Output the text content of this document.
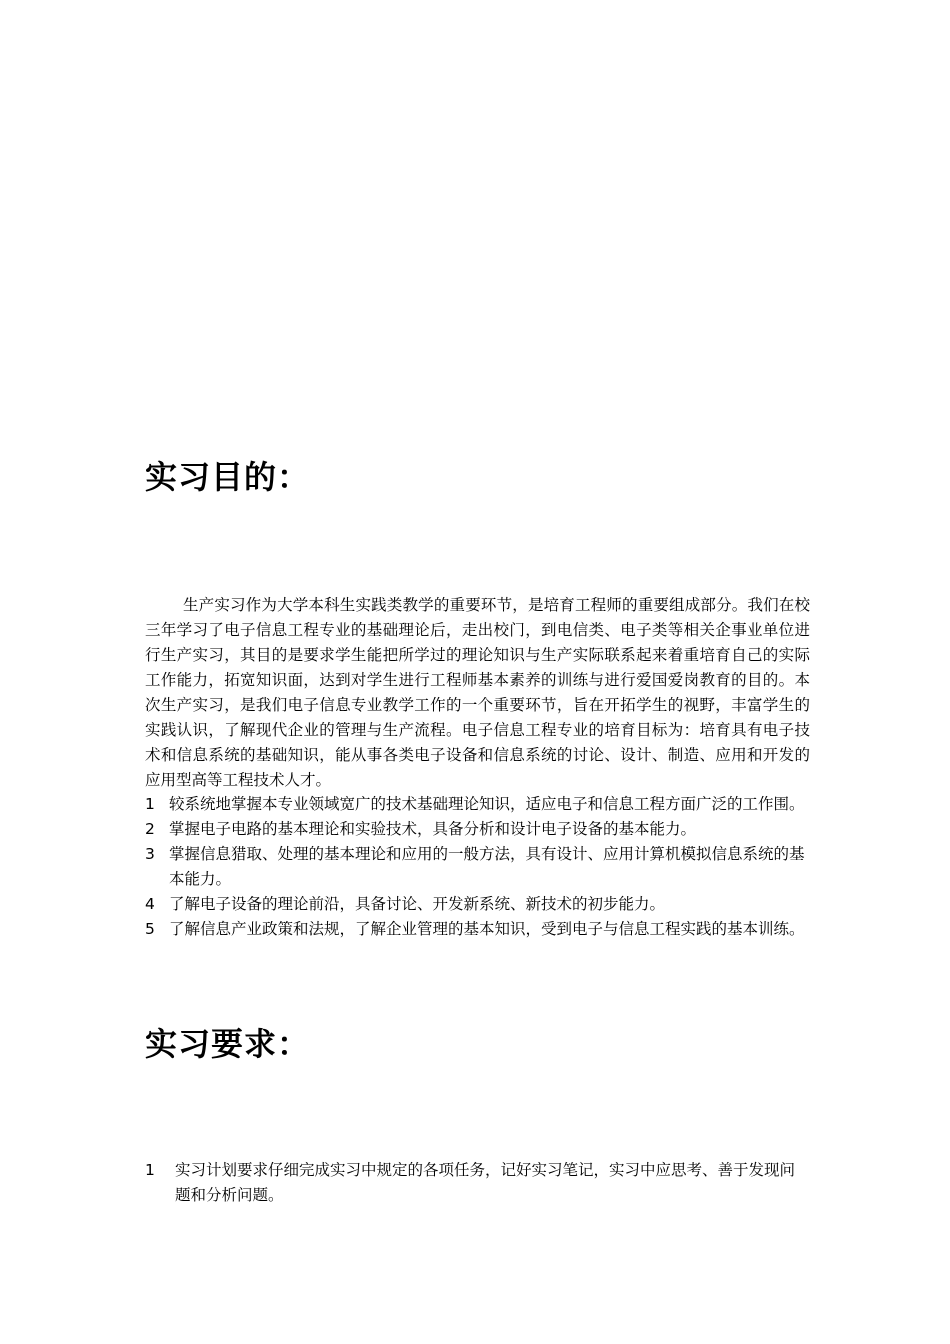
实习目的：

生产实习作为大学本科生实践类教学的重要环节，是培育工程师的重要组成部分。我们在校三年学习了电子信息工程专业的基础理论后，走出校门，到电信类、电子类等相关企事业单位进行生产实习，其目的是要求学生能把所学过的理论知识与生产实际联系起来着重培育自己的实际工作能力，拓宽知识面，达到对学生进行工程师基本素养的训练与进行爱国爱岗教育的目的。本次生产实习，是我们电子信息专业教学工作的一个重要环节，旨在开拓学生的视野，丰富学生的实践认识，了解现代企业的管理与生产流程。电子信息工程专业的培育目标为：培育具有电子技术和信息系统的基础知识，能从事各类电子设备和信息系统的讨论、设计、制造、应用和开发的应用型高等工程技术人才。

1 较系统地掌握本专业领域宽广的技术基础理论知识，适应电子和信息工程方面广泛的工作围。
2 掌握电子电路的基本理论和实验技术，具备分析和设计电子设备的基本能力。
3 掌握信息猎取、处理的基本理论和应用的一般方法，具有设计、应用计算机模拟信息系统的基本能力。
4 了解电子设备的理论前沿，具备讨论、开发新系统、新技术的初步能力。
5 了解信息产业政策和法规，了解企业管理的基本知识，受到电子与信息工程实践的基本训练。
实习要求：
1	实习计划要求仔细完成实习中规定的各项任务，记好实习笔记，实习中应思考、善于发现问题和分析问题。
